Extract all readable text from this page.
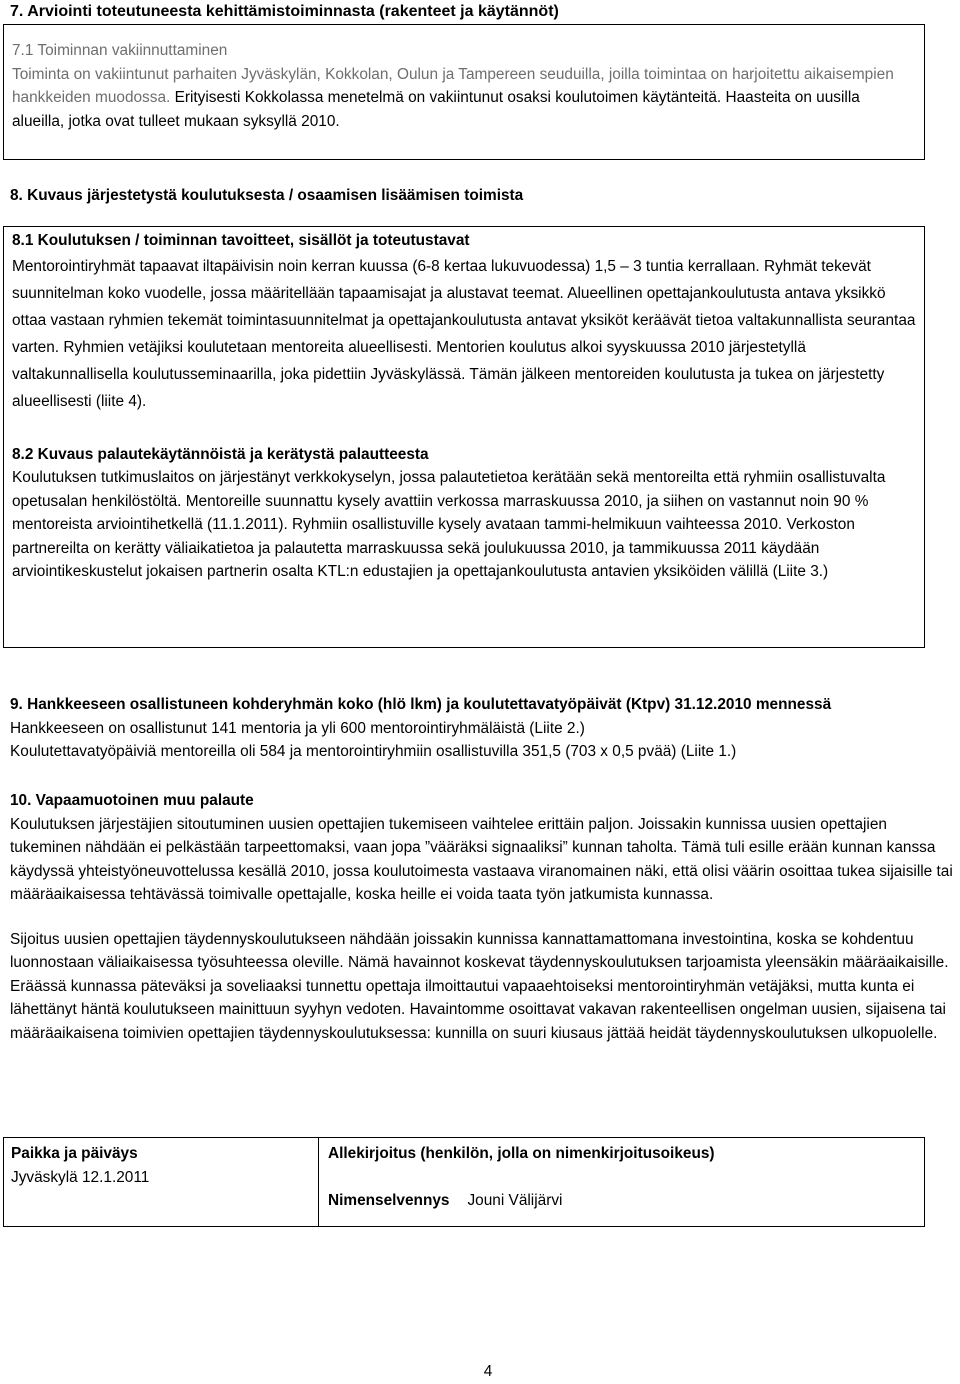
7. Arviointi toteutuneesta kehittämistoiminnasta (rakenteet ja käytännöt)

7.1 Toiminnan vakiinnuttaminen

Toiminta on vakiintunut parhaiten Jyväskylän, Kokkolan, Oulun ja Tampereen seuduilla, joilla toimintaa on harjoitettu aikaisempien hankkeiden muodossa. Erityisesti Kokkolassa menetelmä on vakiintunut osaksi koulutoimen käytänteitä. Haasteita on uusilla alueilla, jotka ovat tulleet mukaan syksyllä 2010.

8. Kuvaus järjestetystä koulutuksesta / osaamisen lisäämisen toimista

8.1 Koulutuksen / toiminnan tavoitteet, sisällöt ja toteutustavat

Mentorointiryhmät tapaavat iltapäivisin noin kerran kuussa (6-8 kertaa lukuvuodessa) 1,5 – 3 tuntia kerrallaan. Ryhmät tekevät suunnitelman koko vuodelle, jossa määritellään tapaamisajat ja alustavat teemat. Alueellinen opettajankoulutusta antava yksikkö ottaa vastaan ryhmien tekemät toimintasuunnitelmat ja opettajankoulutusta antavat yksiköt keräävät tietoa valtakunnallista seurantaa varten. Ryhmien vetäjiksi koulutetaan mentoreita alueellisesti. Mentorien koulutus alkoi syyskuussa 2010 järjestetyllä valtakunnallisella koulutusseminaarilla, joka pidettiin Jyväskylässä. Tämän jälkeen mentoreiden koulutusta ja tukea on järjestetty alueellisesti (liite 4).

8.2 Kuvaus palautekäytännöistä ja kerätystä palautteesta

Koulutuksen tutkimuslaitos on järjestänyt verkkokyselyn, jossa palautetietoa kerätään sekä mentoreilta että ryhmiin osallistuvalta opetusalan henkilöstöltä. Mentoreille suunnattu kysely avattiin verkossa marraskuussa 2010, ja siihen on vastannut noin 90 % mentoreista arviointihetkellä (11.1.2011). Ryhmiin osallistuville kysely avataan tammi-helmikuun vaihteessa 2010. Verkoston partnereilta on kerätty väliaikatietoa ja palautetta marraskuussa sekä joulukuussa 2010, ja tammikuussa 2011 käydään arviointikeskustelut jokaisen partnerin osalta KTL:n edustajien ja opettajankoulutusta antavien yksiköiden välillä (Liite 3.)

9. Hankkeeseen osallistuneen kohderyhmän koko (hlö lkm) ja koulutettavatyöpäivät (Ktpv) 31.12.2010 mennessä

Hankkeeseen on osallistunut 141 mentoria ja yli 600 mentorointiryhmäläistä (Liite 2.)

Koulutettavatyöpäiviä mentoreilla oli 584 ja mentorointiryhmiin osallistuvilla 351,5 (703 x 0,5 pvää) (Liite 1.)

10. Vapaamuotoinen muu palaute

Koulutuksen järjestäjien sitoutuminen uusien opettajien tukemiseen vaihtelee erittäin paljon. Joissakin kunnissa uusien opettajien tukeminen nähdään ei pelkästään tarpeettomaksi, vaan jopa ”vääräksi signaaliksi” kunnan taholta. Tämä tuli esille erään kunnan kanssa käydyssä yhteistyöneuvottelussa kesällä 2010, jossa koulutoimesta vastaava viranomainen näki, että olisi väärin osoittaa tukea sijaisille tai määräaikaisessa tehtävässä toimivalle opettajalle, koska heille ei voida taata työn jatkumista kunnassa.

Sijoitus uusien opettajien täydennyskoulutukseen nähdään joissakin kunnissa kannattamattomana investointina, koska se kohdentuu luonnostaan väliaikaisessa työsuhteessa oleville. Nämä havainnot koskevat täydennyskoulutuksen tarjoamista yleensäkin määräaikaisille. Eräässä kunnassa päteväksi ja soveliaaksi tunnettu opettaja ilmoittautui vapaaehtoiseksi mentorointiryhmän vetäjäksi, mutta kunta ei lähettänyt häntä koulutukseen mainittuun syyhyn vedoten. Havaintomme osoittavat vakavan rakenteellisen ongelman uusien, sijaisena tai määräaikaisena toimivien opettajien täydennyskoulutuksessa: kunnilla on suuri kiusaus jättää heidät täydennyskoulutuksen ulkopuolelle.

Paikka ja päiväys
Jyväskylä 12.1.2011
Allekirjoitus (henkilön, jolla on nimenkirjoitusoikeus)
Nimenselvennys Jouni Välijärvi
4
